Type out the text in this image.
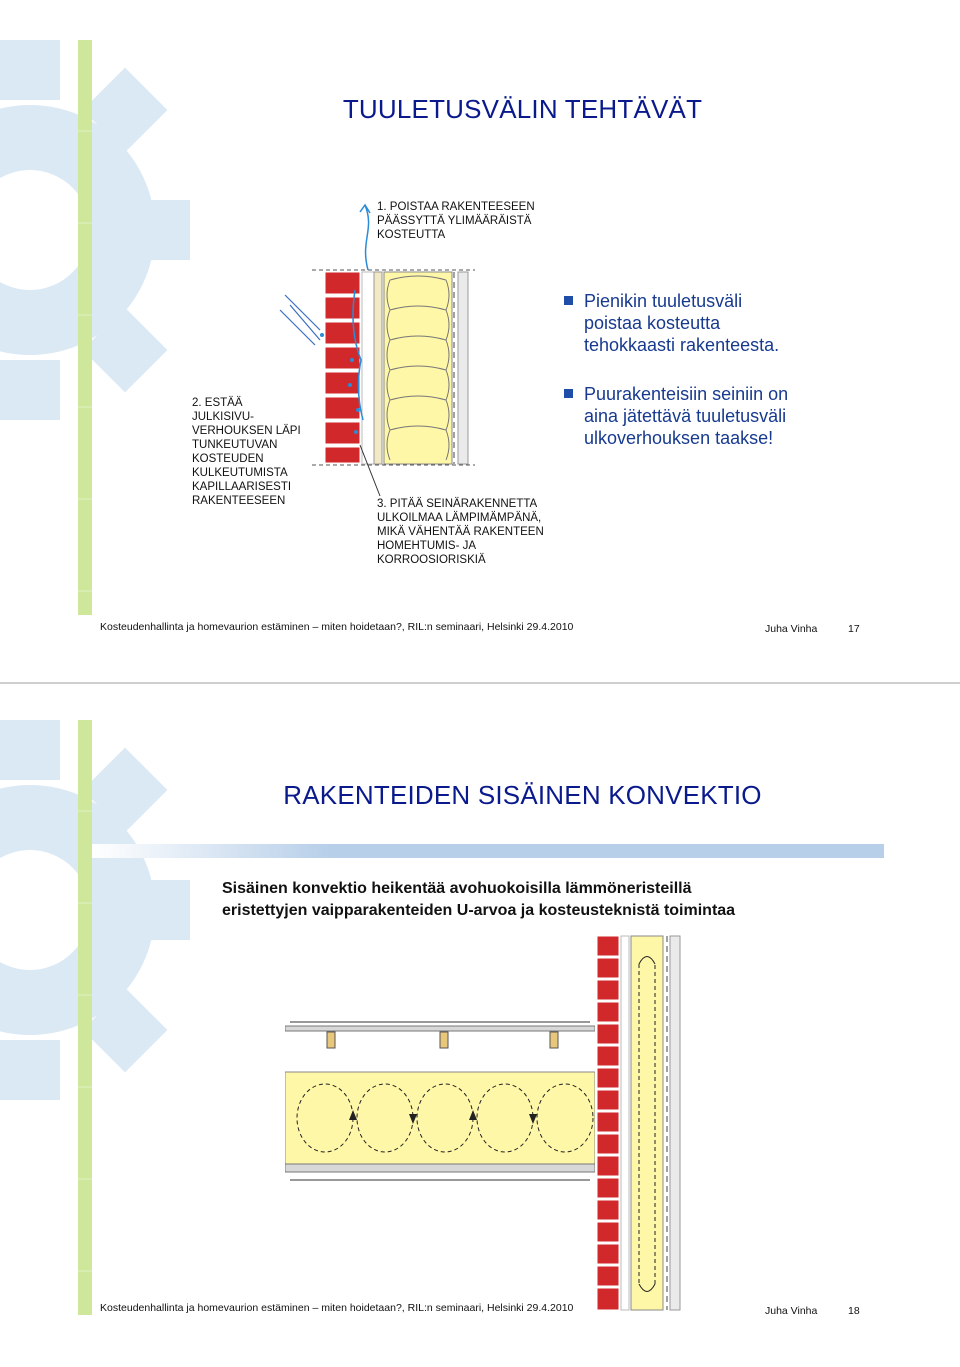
TUULETUSVÄLIN TEHTÄVÄT
1. POISTAA RAKENTEESEEN
PÄÄSSYTTÄ YLIMÄÄRÄISTÄ
KOSTEUTTA
2. ESTÄÄ
JULKISIVU-
VERHOUKSEN LÄPI
TUNKEUTUVAN
KOSTEUDEN
KULKEUTUMISTA
KAPILLAARISESTI
RAKENTEESEEN	3. PITÄÄ SEINÄRAKENNETTA
ULKOILMAA LÄMPIMÄMPÄNÄ,
MIKÄ VÄHENTÄÄ RAKENTEEN
HOMEHTUMIS- JA
KORROOSIORISKIÄ
Pienikin tuuletusväli
poistaa kosteutta
tehokkaasti rakenteesta.
Puurakenteisiin seiniin on
aina jätettävä tuuletusväli
ulkoverhouksen taakse!
Kosteudenhallinta ja homevaurion estäminen – miten hoidetaan?, RIL:n seminaari, Helsinki 29.4.2010	Juha Vinha	17
RAKENTEIDEN SISÄINEN KONVEKTIO
Sisäinen konvektio heikentää avohuokoisilla lämmöneristeillä
eristettyjen vaipparakenteiden U-arvoa ja kosteusteknistä toimintaa
Kosteudenhallinta ja homevaurion estäminen – miten hoidetaan?, RIL:n seminaari, Helsinki 29.4.2010	Juha Vinha	18
